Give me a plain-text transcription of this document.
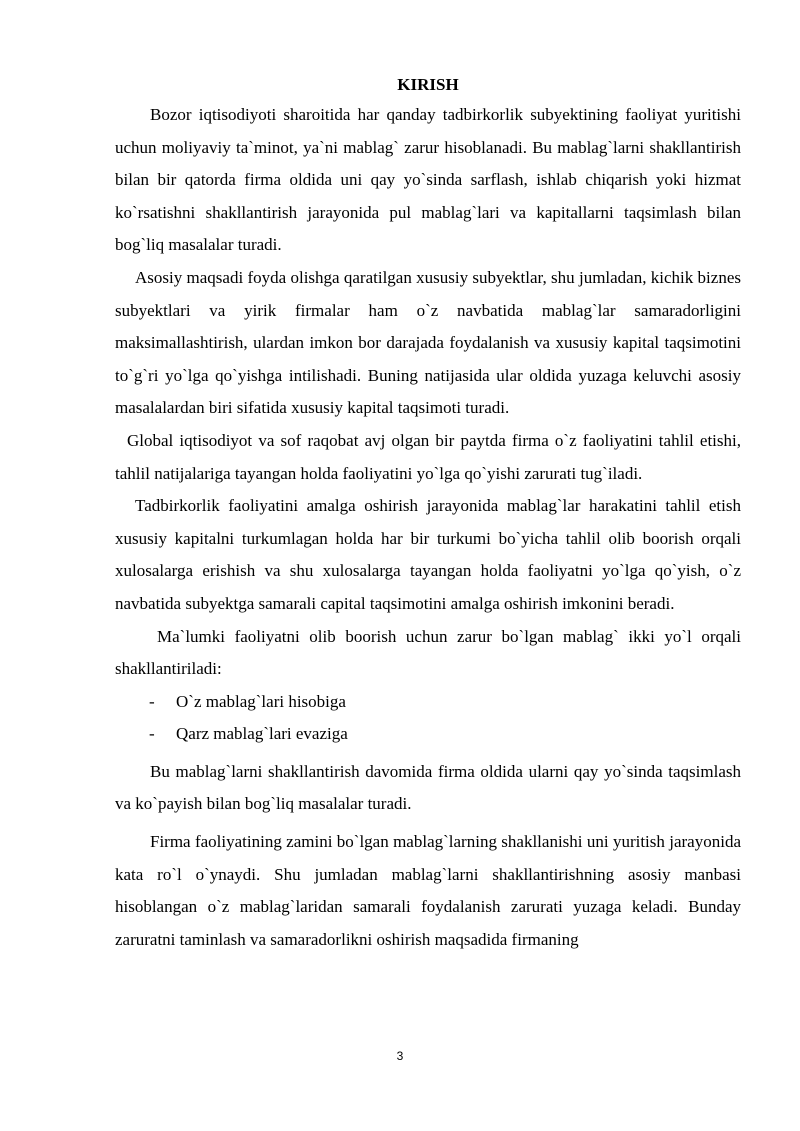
KIRISH

Bozor iqtisodiyoti sharoitida har qanday tadbirkorlik subyektining faoliyat yuritishi uchun moliyaviy ta`minot, ya`ni mablag` zarur hisoblanadi. Bu mablag`larni shakllantirish bilan bir qatorda firma oldida uni qay yo`sinda sarflash, ishlab chiqarish yoki hizmat ko`rsatishni shakllantirish jarayonida pul mablag`lari va kapitallarni taqsimlash bilan bog`liq masalalar turadi.

Asosiy maqsadi foyda olishga qaratilgan xususiy subyektlar, shu jumladan, kichik biznes subyektlari va yirik firmalar ham o`z navbatida mablag`lar samaradorligini maksimallashtirish, ulardan imkon bor darajada foydalanish va xususiy kapital taqsimotini to`g`ri yo`lga qo`yishga intilishadi. Buning natijasida ular oldida yuzaga keluvchi asosiy masalalardan biri sifatida xususiy kapital taqsimoti turadi.

Global iqtisodiyot va sof raqobat avj olgan bir paytda firma o`z faoliyatini tahlil etishi, tahlil natijalariga tayangan holda faoliyatini yo`lga qo`yishi zarurati tug`iladi.

Tadbirkorlik faoliyatini amalga oshirish jarayonida mablag`lar harakatini tahlil etish xususiy kapitalni turkumlagan holda har bir turkumi bo`yicha tahlil olib boorish orqali xulosalarga erishish va shu xulosalarga tayangan holda faoliyatni yo`lga qo`yish, o`z navbatida subyektga samarali capital taqsimotini amalga oshirish imkonini beradi.

Ma`lumki faoliyatni olib boorish uchun zarur bo`lgan mablag` ikki yo`l orqali shakllantiriladi:

-	O`z mablag`lari hisobiga
-	Qarz mablag`lari evaziga

Bu mablag`larni shakllantirish davomida firma oldida ularni qay yo`sinda taqsimlash va ko`payish bilan bog`liq masalalar turadi.

Firma faoliyatining zamini bo`lgan mablag`larning shakllanishi uni yuritish jarayonida kata ro`l o`ynaydi. Shu jumladan mablag`larni shakllantirishning asosiy manbasi hisoblangan o`z mablag`laridan samarali foydalanish zarurati yuzaga keladi. Bunday zaruratni taminlash va samaradorlikni oshirish maqsadida firmaning

3
